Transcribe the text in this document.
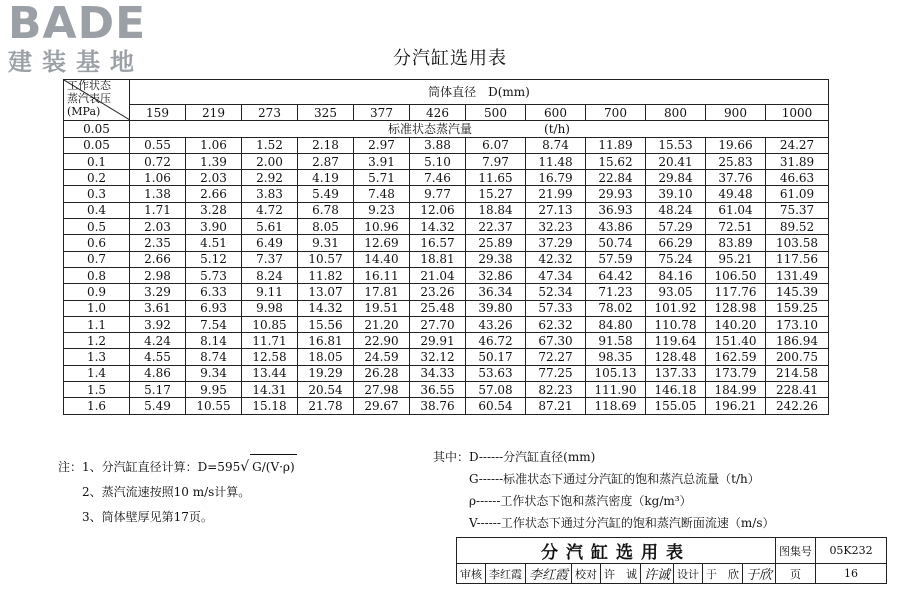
BADE
建装基地	分汽缸选用表
工作状态
蒸汽表压
(MPa)	筒体直径　D(mm)											
	159	219	273	325	377	426	500	600	700	800	900	1000
0.05	标准状态蒸汽量　　　　　　(t/h)											
0.05	0.55	1.06	1.52	2.18	2.97	3.88	6.07	8.74	11.89	15.53	19.66	24.27
0.1	0.72	1.39	2.00	2.87	3.91	5.10	7.97	11.48	15.62	20.41	25.83	31.89
0.2	1.06	2.03	2.92	4.19	5.71	7.46	11.65	16.79	22.84	29.84	37.76	46.63
0.3	1.38	2.66	3.83	5.49	7.48	9.77	15.27	21.99	29.93	39.10	49.48	61.09
0.4	1.71	3.28	4.72	6.78	9.23	12.06	18.84	27.13	36.93	48.24	61.04	75.37
0.5	2.03	3.90	5.61	8.05	10.96	14.32	22.37	32.23	43.86	57.29	72.51	89.52
0.6	2.35	4.51	6.49	9.31	12.69	16.57	25.89	37.29	50.74	66.29	83.89	103.58
0.7	2.66	5.12	7.37	10.57	14.40	18.81	29.38	42.32	57.59	75.24	95.21	117.56
0.8	2.98	5.73	8.24	11.82	16.11	21.04	32.86	47.34	64.42	84.16	106.50	131.49
0.9	3.29	6.33	9.11	13.07	17.81	23.26	36.34	52.34	71.23	93.05	117.76	145.39
1.0	3.61	6.93	9.98	14.32	19.51	25.48	39.80	57.33	78.02	101.92	128.98	159.25
1.1	3.92	7.54	10.85	15.56	21.20	27.70	43.26	62.32	84.80	110.78	140.20	173.10
1.2	4.24	8.14	11.71	16.81	22.90	29.91	46.72	67.30	91.58	119.64	151.40	186.94
1.3	4.55	8.74	12.58	18.05	24.59	32.12	50.17	72.27	98.35	128.48	162.59	200.75
1.4	4.86	9.34	13.44	19.29	26.28	34.33	53.63	77.25	105.13	137.33	173.79	214.58
1.5	5.17	9.95	14.31	20.54	27.98	36.55	57.08	82.23	111.90	146.18	184.99	228.41
1.6	5.49	10.55	15.18	21.78	29.67	38.76	60.54	87.21	118.69	155.05	196.21	242.26
注：1、分汽缸直径计算：D=595 √ G/(V·ρ)
2、蒸汽流速按照10 m/s计算。
3、筒体壁厚见第17页。
其中：D------分汽缸直径(mm)
G------标准状态下通过分汽缸的饱和蒸汽总流量（t/h）
ρ------工作状态下饱和蒸汽密度（kg/m³）
V------工作状态下通过分汽缸的饱和蒸汽断面流速（m/s）
分汽缸选用表									图集号	05K232
审核	李红霞	李红霞	校对	许　诚	许诚	设计	于　欣	于欣	页	16
